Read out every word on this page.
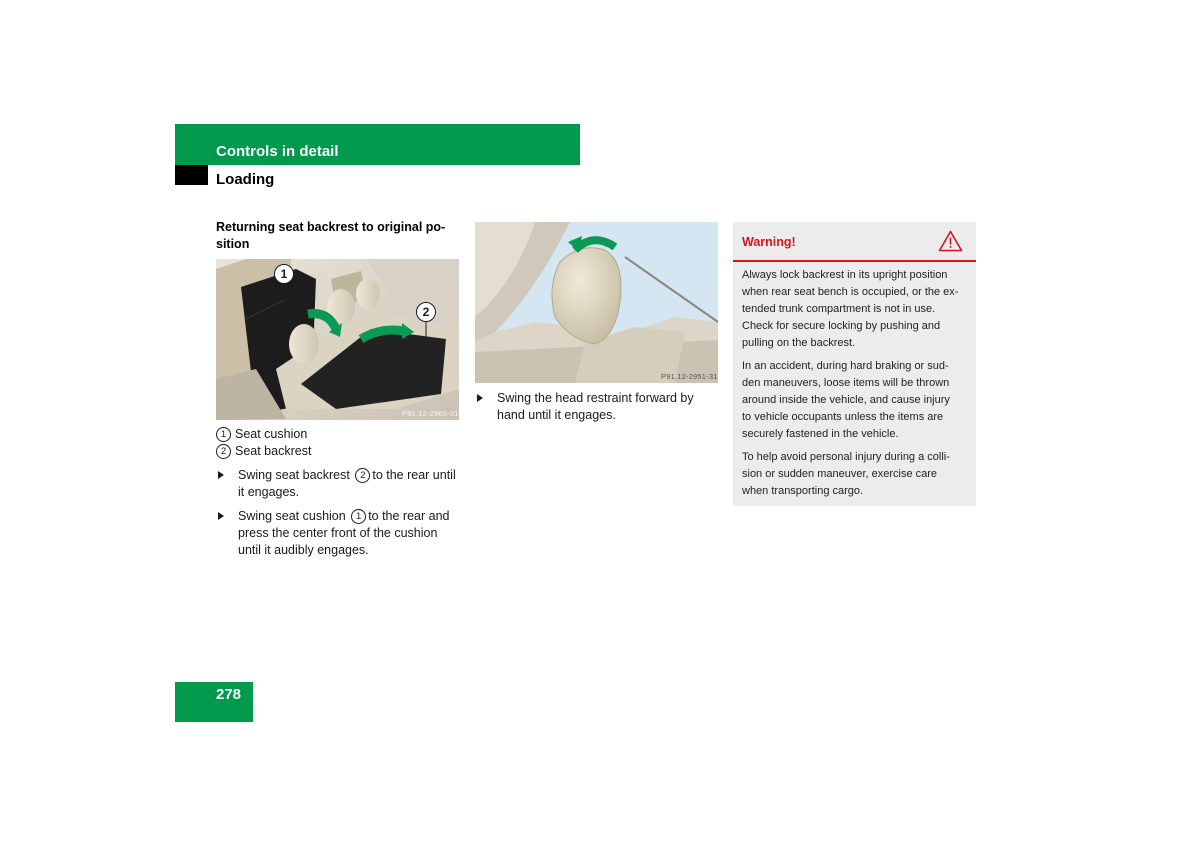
Controls in detail
Loading
Returning seat backrest to original po-
sition
1
2
P91.12-2965-31
1 Seat cushion
2 Seat backrest
Swing seat backrest 2 to the rear until
it engages.
Swing seat cushion 1 to the rear and
press the center front of the cushion
until it audibly engages.
P91.12-2951-31
Swing the head restraint forward by
hand until it engages.
Warning!

Always lock backrest in its upright position
when rear seat bench is occupied, or the ex-
tended trunk compartment is not in use.
Check for secure locking by pushing and
pulling on the backrest.

In an accident, during hard braking or sud-
den maneuvers, loose items will be thrown
around inside the vehicle, and cause injury
to vehicle occupants unless the items are
securely fastened in the vehicle.

To help avoid personal injury during a colli-
sion or sudden maneuver, exercise care
when transporting cargo.

278
